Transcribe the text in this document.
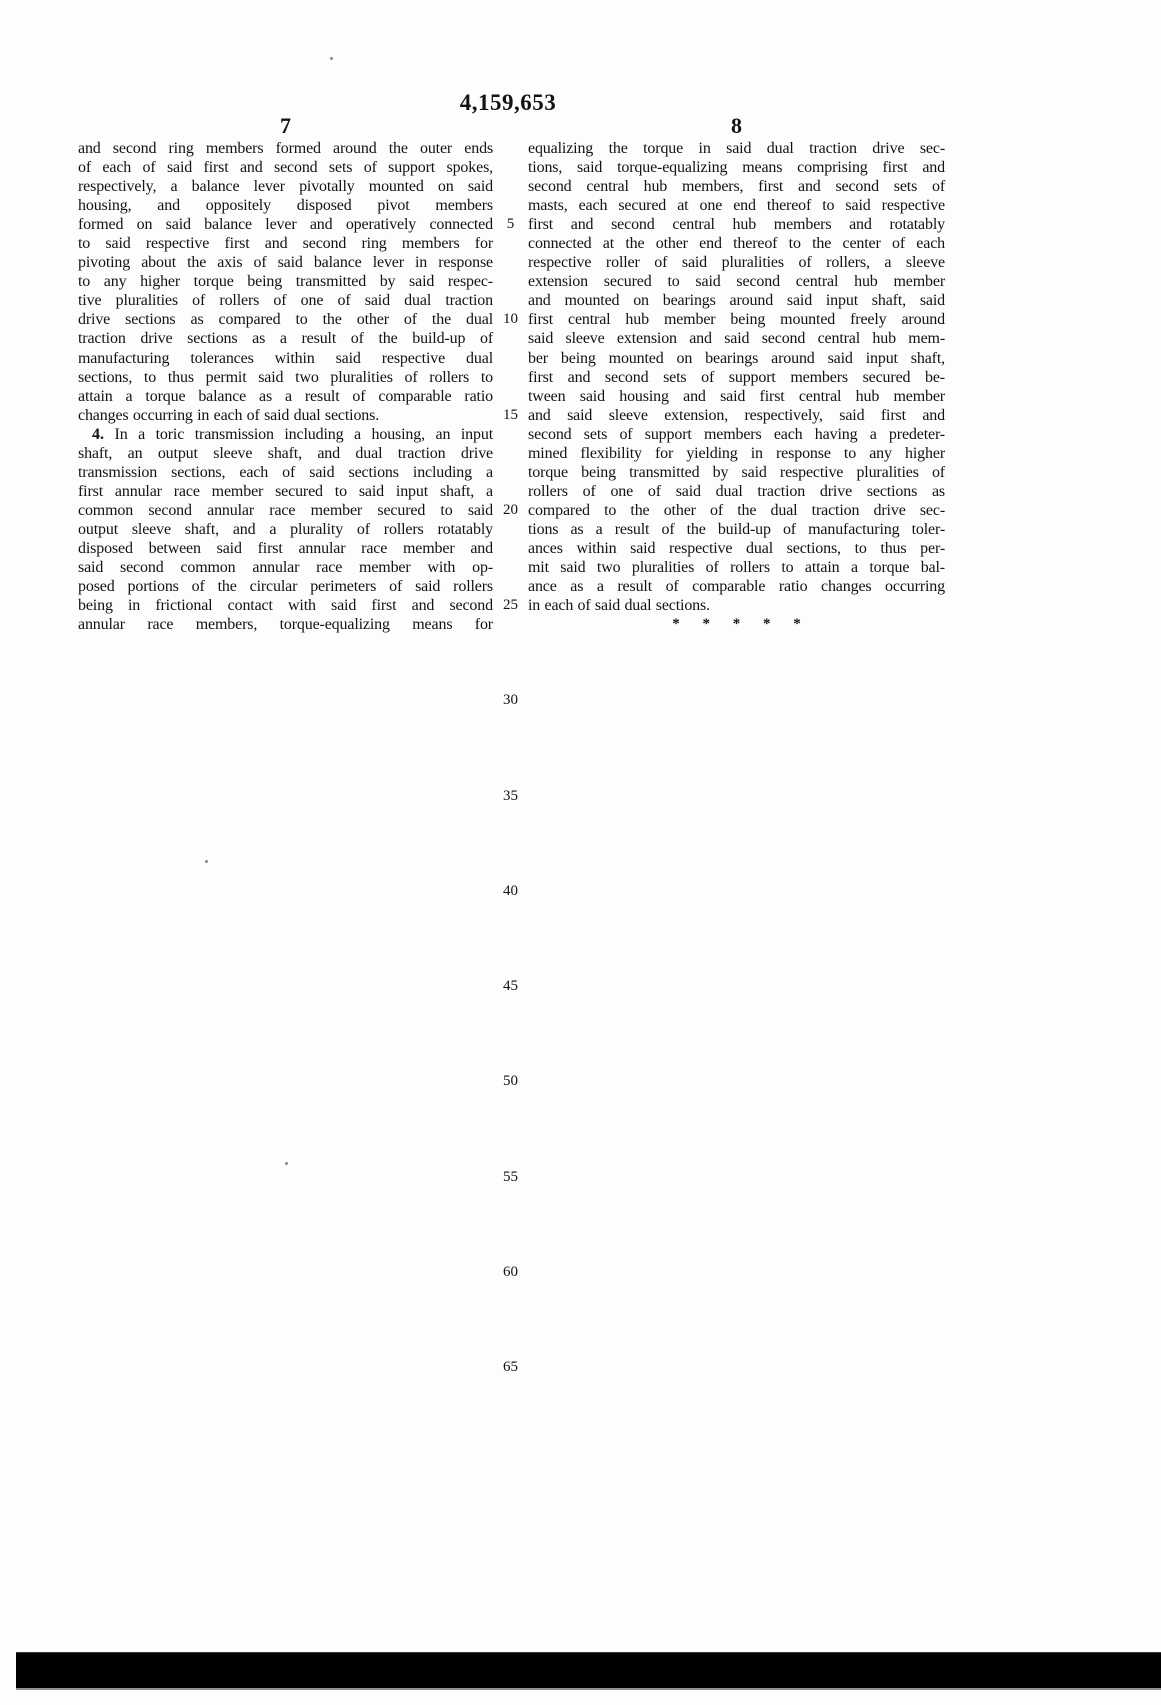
4,159,653
7	8
and second ring members formed around the outer ends
of each of said first and second sets of support spokes,
respectively, a balance lever pivotally mounted on said
housing, and oppositely disposed pivot members
formed on said balance lever and operatively connected
to said respective first and second ring members for
pivoting about the axis of said balance lever in response
to any higher torque being transmitted by said respec-
tive pluralities of rollers of one of said dual traction
drive sections as compared to the other of the dual
traction drive sections as a result of the build-up of
manufacturing tolerances within said respective dual
sections, to thus permit said two pluralities of rollers to
attain a torque balance as a result of comparable ratio
changes occurring in each of said dual sections.
4. In a toric transmission including a housing, an input
shaft, an output sleeve shaft, and dual traction drive
transmission sections, each of said sections including a
first annular race member secured to said input shaft, a
common second annular race member secured to said
output sleeve shaft, and a plurality of rollers rotatably
disposed between said first annular race member and
said second common annular race member with op-
posed portions of the circular perimeters of said rollers
being in frictional contact with said first and second
annular race members, torque-equalizing means for
equalizing the torque in said dual traction drive sec-
tions, said torque-equalizing means comprising first and
second central hub members, first and second sets of
masts, each secured at one end thereof to said respective
first and second central hub members and rotatably
connected at the other end thereof to the center of each
respective roller of said pluralities of rollers, a sleeve
extension secured to said second central hub member
and mounted on bearings around said input shaft, said
first central hub member being mounted freely around
said sleeve extension and said second central hub mem-
ber being mounted on bearings around said input shaft,
first and second sets of support members secured be-
tween said housing and said first central hub member
and said sleeve extension, respectively, said first and
second sets of support members each having a predeter-
mined flexibility for yielding in response to any higher
torque being transmitted by said respective pluralities of
rollers of one of said dual traction drive sections as
compared to the other of the dual traction drive sec-
tions as a result of the build-up of manufacturing toler-
ances within said respective dual sections, to thus per-
mit said two pluralities of rollers to attain a torque bal-
ance as a result of comparable ratio changes occurring
in each of said dual sections.
5
10
15
20
25
30
35
40
45
50
55
60
65
* * * * *
